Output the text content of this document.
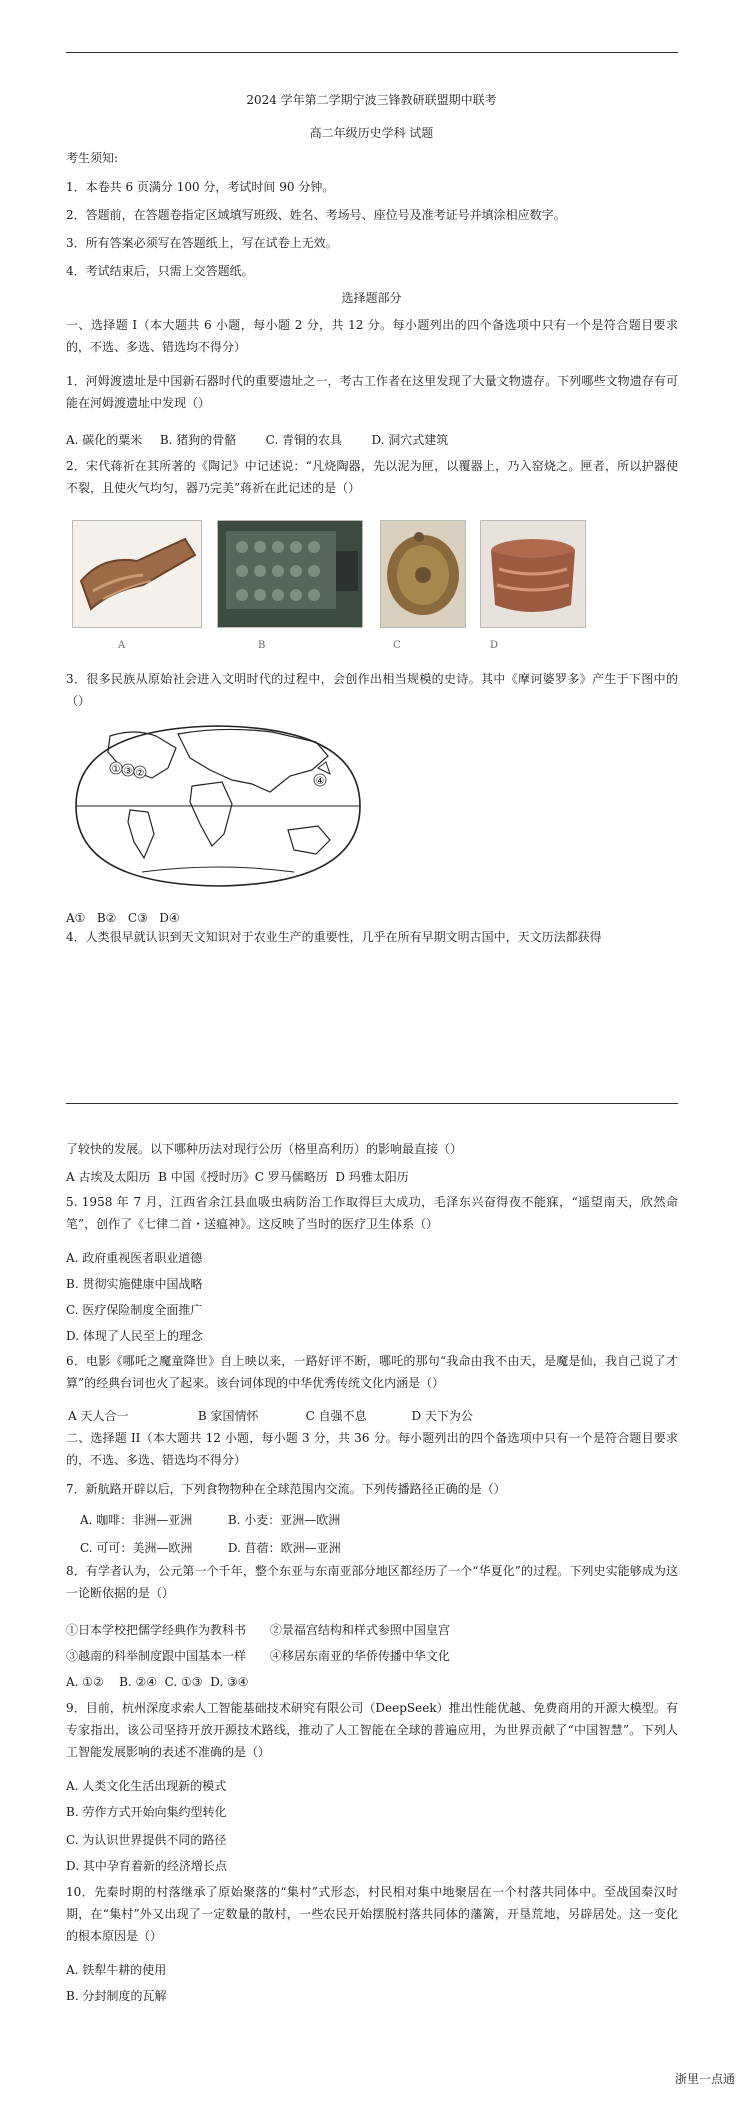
2024 学年第二学期宁波三锋教研联盟期中联考
高二年级历史学科 试题
考生须知:
1．本卷共 6 页满分 100 分，考试时间 90 分钟。
2．答题前，在答题卷指定区域填写班级、姓名、考场号、座位号及准考证号并填涂相应数字。
3．所有答案必须写在答题纸上，写在试卷上无效。
4．考试结束后，只需上交答题纸。
选择题部分
一、选择题 I（本大题共 6 小题，每小题 2 分，共 12 分。每小题列出的四个备选项中只有一个是符合题目要求的，不选、多选、错选均不得分）
1．河姆渡遗址是中国新石器时代的重要遗址之一，考古工作者在这里发现了大量文物遗存。下列哪些文物遗存有可能在河姆渡遗址中发现（）
A. 碳化的粟米 B. 猪狗的骨骼 C. 青铜的农具 D. 洞穴式建筑
2．宋代蒋祈在其所著的《陶记》中记述说：“凡烧陶器，先以泥为匣，以覆器上，乃入窑烧之。匣者，所以护器使不裂，且使火气均匀，器乃完美”蒋祈在此记述的是（）
A	B	C	D
3．很多民族从原始社会进入文明时代的过程中，会创作出相当规模的史诗。其中《摩诃婆罗多》产生于下图中的（）
① ③ ②
④
A①   B②   C③   D④
4．人类很早就认识到天文知识对于农业生产的重要性，几乎在所有早期文明古国中，天文历法都获得
了较快的发展。以下哪种历法对现行公历（格里高利历）的影响最直接（）
A 古埃及太阳历  B 中国《授时历》C 罗马儒略历  D 玛雅太阳历
5. 1958 年 7 月，江西省余江县血吸虫病防治工作取得巨大成功，毛泽东兴奋得夜不能寐，“遥望南天，欣然命笔”，创作了《七律二首・送瘟神》。这反映了当时的医疗卫生体系（）
A. 政府重视医者职业道德
B. 贯彻实施健康中国战略
C. 医疗保险制度全面推广
D. 体现了人民至上的理念
6．电影《哪吒之魔童降世》自上映以来，一路好评不断，哪吒的那句“我命由我不由天，是魔是仙，我自己说了才算”的经典台词也火了起来。该台词体现的中华优秀传统文化内涵是（）
A 天人合一	B 家国情怀	C 自强不息	D 天下为公
二、选择题 II（本大题共 12 小题，每小题 3 分，共 36 分。每小题列出的四个备选项中只有一个是符合题目要求的，不选、多选、错选均不得分）
7．新航路开辟以后，下列食物物种在全球范围内交流。下列传播路径正确的是（）
A. 咖啡：非洲—亚洲	B. 小麦：亚洲—欧洲
C. 可可：美洲—欧洲	D. 苜蓿：欧洲—亚洲
8．有学者认为，公元第一个千年，整个东亚与东南亚部分地区都经历了一个“华夏化”的过程。下列史实能够成为这一论断依据的是（）
①日本学校把儒学经典作为教科书 ②景福宫结构和样式参照中国皇宫
③越南的科举制度跟中国基本一样 ④移居东南亚的华侨传播中华文化
A. ①②    B. ②④  C. ①③  D. ③④
9．目前，杭州深度求索人工智能基础技术研究有限公司（DeepSeek）推出性能优越、免费商用的开源大模型。有专家指出，该公司坚持开放开源技术路线，推动了人工智能在全球的普遍应用，为世界贡献了“中国智慧”。下列人工智能发展影响的表述不准确的是（）
A. 人类文化生活出现新的模式
B. 劳作方式开始向集约型转化
C. 为认识世界提供不同的路径
D. 其中孕育着新的经济增长点
10．先秦时期的村落继承了原始聚落的“集村”式形态，村民相对集中地聚居在一个村落共同体中。至战国秦汉时期，在“集村”外又出现了一定数量的散村，一些农民开始摆脱村落共同体的藩篱，开垦荒地，另辟居处。这一变化的根本原因是（）
A. 铁犁牛耕的使用
B. 分封制度的瓦解
浙里一点通
